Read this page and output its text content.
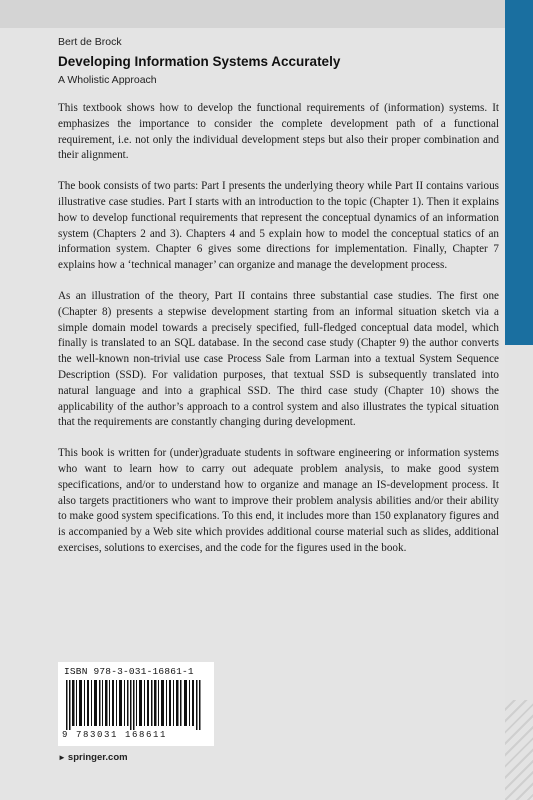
Bert de Brock
Developing Information Systems Accurately
A Wholistic Approach

This textbook shows how to develop the functional requirements of (information) systems. It emphasizes the importance to consider the complete development path of a functional requirement, i.e. not only the individual development steps but also their proper combination and their alignment.

The book consists of two parts: Part I presents the underlying theory while Part II contains various illustrative case studies. Part I starts with an introduction to the topic (Chapter 1). Then it explains how to develop functional requirements that represent the conceptual dynamics of an information system (Chapters 2 and 3). Chapters 4 and 5 explain how to model the conceptual statics of an information system. Chapter 6 gives some directions for implementation. Finally, Chapter 7 explains how a ‘technical manager’ can organize and manage the development process.

As an illustration of the theory, Part II contains three substantial case studies. The first one (Chapter 8) presents a stepwise development starting from an informal situation sketch via a simple domain model towards a precisely specified, full-fledged conceptual data model, which finally is translated to an SQL database. In the second case study (Chapter 9) the author converts the well-known non-trivial use case Process Sale from Larman into a textual System Sequence Description (SSD). For validation purposes, that textual SSD is subsequently translated into natural language and into a graphical SSD. The third case study (Chapter 10) shows the applicability of the author’s approach to a control system and also illustrates the typical situation that the requirements are constantly changing during development.

This book is written for (under)graduate students in software engineering or information systems who want to learn how to carry out adequate problem analysis, to make good system specifications, and/or to understand how to organize and manage an IS-development process. It also targets practitioners who want to improve their problem analysis abilities and/or their ability to make good system specifications. To this end, it includes more than 150 explanatory figures and is accompanied by a Web site which provides additional course material such as slides, additional exercises, solutions to exercises, and the code for the figures used in the book.

ISBN 978-3-031-16861-1
9 783031 168611
► springer.com
